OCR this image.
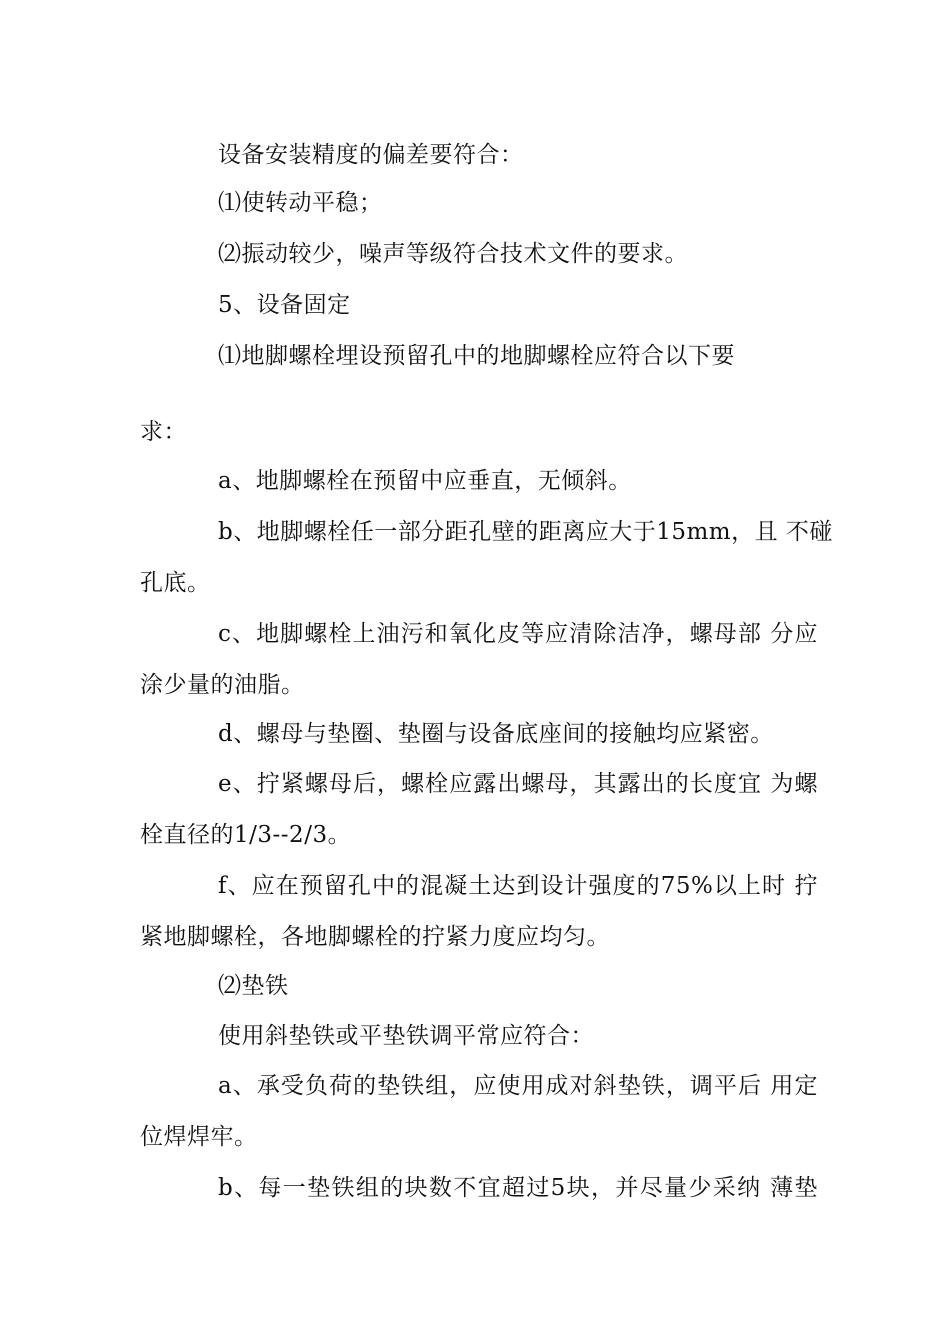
设备安装精度的偏差要符合：
⑴使转动平稳；
⑵振动较少，噪声等级符合技术文件的要求。
5、设备固定
⑴地脚螺栓埋设预留孔中的地脚螺栓应符合以下要
求：
a、地脚螺栓在预留中应垂直，无倾斜。
b、地脚螺栓任一部分距孔壁的距离应大于15mm，且 不碰
孔底。
c、地脚螺栓上油污和氧化皮等应清除洁净，螺母部 分应
涂少量的油脂。
d、螺母与垫圈、垫圈与设备底座间的接触均应紧密。
e、拧紧螺母后，螺栓应露出螺母，其露出的长度宜 为螺
栓直径的1/3--2/3。
f、应在预留孔中的混凝土达到设计强度的75%以上时 拧
紧地脚螺栓，各地脚螺栓的拧紧力度应均匀。
⑵垫铁
使用斜垫铁或平垫铁调平常应符合：
a、承受负荷的垫铁组，应使用成对斜垫铁，调平后 用定
位焊焊牢。
b、每一垫铁组的块数不宜超过5块，并尽量少采纳 薄垫
